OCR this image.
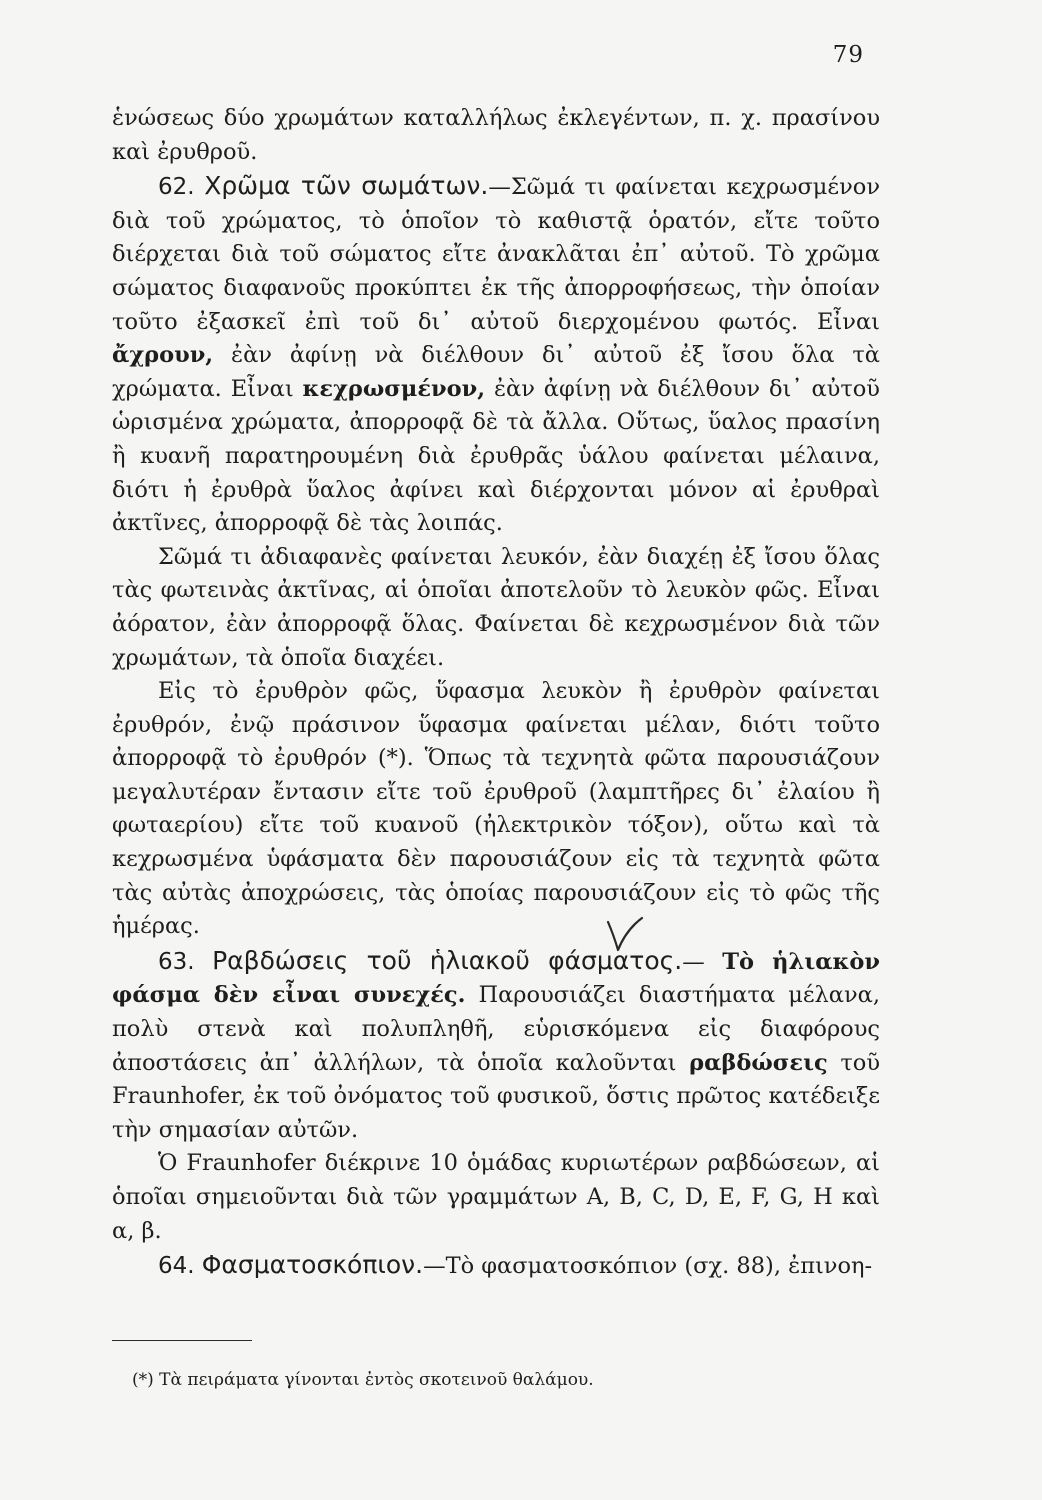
79

ἑνώσεως δύο χρωμάτων καταλλήλως ἐκλεγέντων, π. χ. πρασίνου καὶ ἐρυθροῦ.

62. Χρῶμα τῶν σωμάτων.—Σῶμά τι φαίνεται κεχρωσμένον διὰ τοῦ χρώματος, τὸ ὁποῖον τὸ καθιστᾷ ὁρατόν, εἴτε τοῦτο διέρχεται διὰ τοῦ σώματος εἴτε ἀνακλᾶται ἐπ᾽ αὐτοῦ. Τὸ χρῶμα σώματος διαφανοῦς προκύπτει ἐκ τῆς ἀπορροφήσεως, τὴν ὁποίαν τοῦτο ἐξασκεῖ ἐπὶ τοῦ δι᾽ αὐτοῦ διερχομένου φωτός. Εἶναι ἄχρουν, ἐὰν ἀφίνῃ νὰ διέλθουν δι᾽ αὐτοῦ ἐξ ἴσου ὅλα τὰ χρώματα. Εἶναι κεχρωσμένον, ἐὰν ἀφίνῃ νὰ διέλθουν δι᾽ αὐτοῦ ὡρισμένα χρώματα, ἀπορροφᾷ δὲ τὰ ἄλλα. Οὕτως, ὕαλος πρασίνη ἢ κυανῆ παρατηρουμένη διὰ ἐρυθρᾶς ὑάλου φαίνεται μέλαινα, διότι ἡ ἐρυθρὰ ὕαλος ἀφίνει καὶ διέρχονται μόνον αἱ ἐρυθραὶ ἀκτῖνες, ἀπορροφᾷ δὲ τὰς λοιπάς.

Σῶμά τι ἀδιαφανὲς φαίνεται λευκόν, ἐὰν διαχέῃ ἐξ ἴσου ὅλας τὰς φωτεινὰς ἀκτῖνας, αἱ ὁποῖαι ἀποτελοῦν τὸ λευκὸν φῶς. Εἶναι ἀόρατον, ἐὰν ἀπορροφᾷ ὅλας. Φαίνεται δὲ κεχρωσμένον διὰ τῶν χρωμάτων, τὰ ὁποῖα διαχέει.

Εἰς τὸ ἐρυθρὸν φῶς, ὕφασμα λευκὸν ἢ ἐρυθρὸν φαίνεται ἐρυθρόν, ἐνῷ πράσινον ὕφασμα φαίνεται μέλαν, διότι τοῦτο ἀπορροφᾷ τὸ ἐρυθρόν (*). Ὅπως τὰ τεχνητὰ φῶτα παρουσιάζουν μεγαλυτέραν ἔντασιν εἴτε τοῦ ἐρυθροῦ (λαμπτῆρες δι᾽ ἐλαίου ἢ φωταερίου) εἴτε τοῦ κυανοῦ (ἠλεκτρικὸν τόξον), οὕτω καὶ τὰ κεχρωσμένα ὑφάσματα δὲν παρουσιάζουν εἰς τὰ τεχνητὰ φῶτα τὰς αὐτὰς ἀποχρώσεις, τὰς ὁποίας παρουσιάζουν εἰς τὸ φῶς τῆς ἡμέρας.

63. Ραβδώσεις τοῦ ἡλιακοῦ φάσματος.— Τὸ ἡλιακὸν φάσμα δὲν εἶναι συνεχές. Παρουσιάζει διαστήματα μέλανα, πολὺ στενὰ καὶ πολυπληθῆ, εὑρισκόμενα εἰς διαφόρους ἀποστάσεις ἀπ᾽ ἀλλήλων, τὰ ὁποῖα καλοῦνται ραβδώσεις τοῦ Fraunhofer, ἐκ τοῦ ὀνόματος τοῦ φυσικοῦ, ὅστις πρῶτος κατέδειξε τὴν σημασίαν αὐτῶν.

Ὁ Fraunhofer διέκρινε 10 ὁμάδας κυριωτέρων ραβδώσεων, αἱ ὁποῖαι σημειοῦνται διὰ τῶν γραμμάτων A, B, C, D, E, F, G, H καὶ α, β.

64. Φασματοσκόπιον.—Τὸ φασματοσκόπιον (σχ. 88), ἐπινοη-

(*) Τὰ πειράματα γίνονται ἐντὸς σκοτεινοῦ θαλάμου.
